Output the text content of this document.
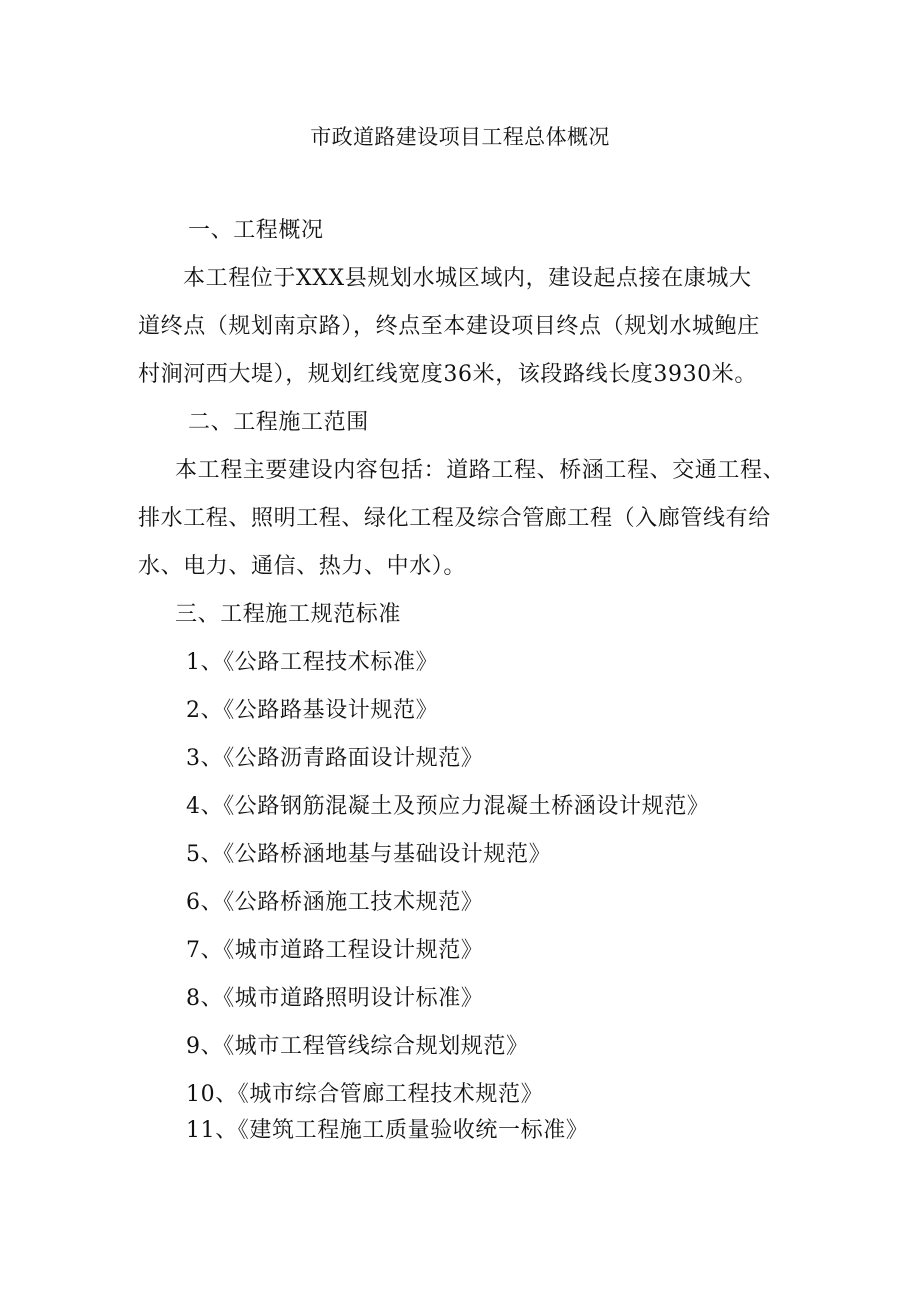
市政道路建设项目工程总体概况
一、工程概况
本工程位于XXX县规划水城区域内，建设起点接在康城大
道终点（规划南京路），终点至本建设项目终点（规划水城鲍庄
村涧河西大堤），规划红线宽度36米，该段路线长度3930米。
二、工程施工范围
本工程主要建设内容包括：道路工程、桥涵工程、交通工程、
排水工程、照明工程、绿化工程及综合管廊工程（入廊管线有给
水、电力、通信、热力、中水）。
三、工程施工规范标准
1、《公路工程技术标准》
2、《公路路基设计规范》
3、《公路沥青路面设计规范》
4、《公路钢筋混凝土及预应力混凝土桥涵设计规范》
5、《公路桥涵地基与基础设计规范》
6、《公路桥涵施工技术规范》
7、《城市道路工程设计规范》
8、《城市道路照明设计标准》
9、《城市工程管线综合规划规范》
10、《城市综合管廊工程技术规范》
11、《建筑工程施工质量验收统一标准》
